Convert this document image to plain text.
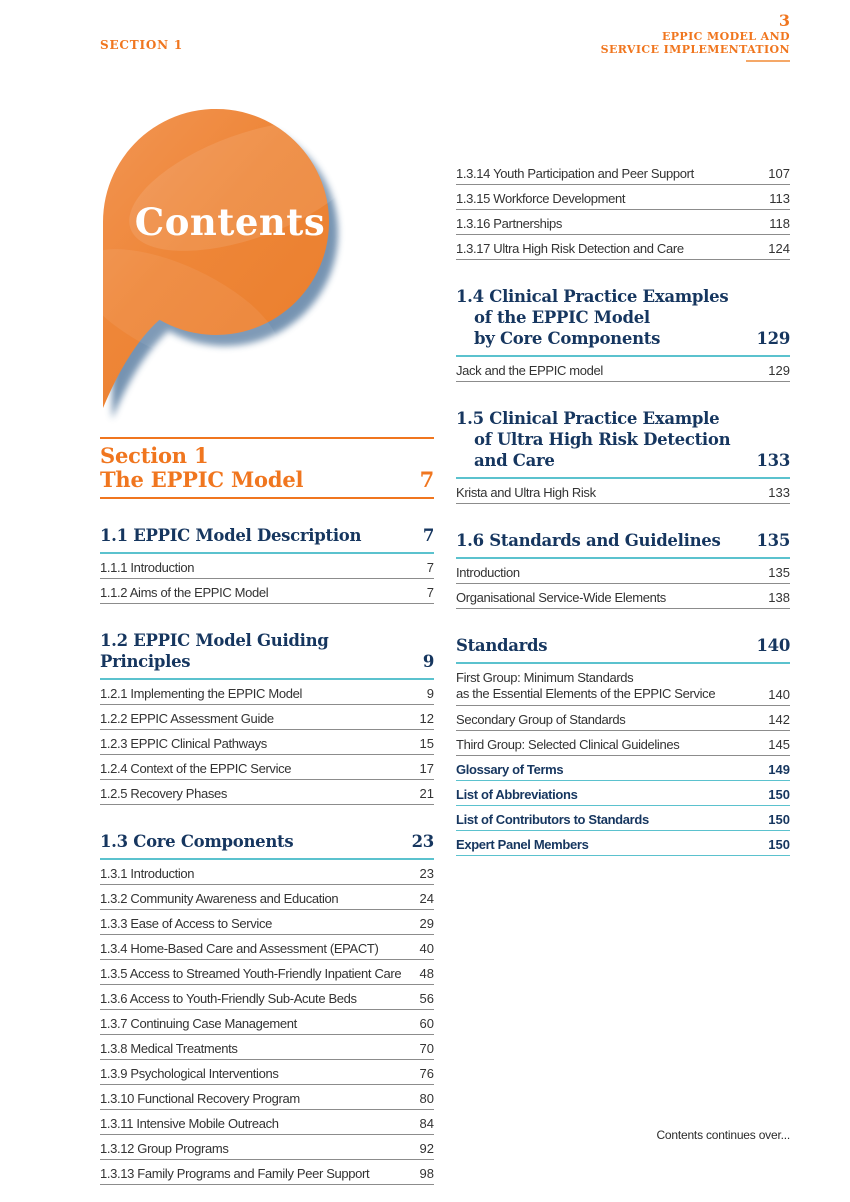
SECTION 1
3
EPPIC MODEL AND
SERVICE IMPLEMENTATION
Contents
Section 1
The EPPIC Model	7
1.1 EPPIC Model Description	7
1.1.1 Introduction	7
1.1.2 Aims of the EPPIC Model	7
1.2 EPPIC Model Guiding Principles	9
1.2.1 Implementing the EPPIC Model	9
1.2.2 EPPIC Assessment Guide	12
1.2.3 EPPIC Clinical Pathways	15
1.2.4 Context of the EPPIC Service	17
1.2.5 Recovery Phases	21
1.3 Core Components	23
1.3.1 Introduction	23
1.3.2 Community Awareness and Education	24
1.3.3 Ease of Access to Service	29
1.3.4 Home-Based Care and Assessment (EPACT)	40
1.3.5 Access to Streamed Youth-Friendly Inpatient Care	48
1.3.6 Access to Youth-Friendly Sub-Acute Beds	56
1.3.7 Continuing Case Management	60
1.3.8 Medical Treatments	70
1.3.9 Psychological Interventions	76
1.3.10 Functional Recovery Program	80
1.3.11 Intensive Mobile Outreach	84
1.3.12 Group Programs	92
1.3.13 Family Programs and Family Peer Support	98
1.3.14 Youth Participation and Peer Support	107
1.3.15 Workforce Development	113
1.3.16 Partnerships	118
1.3.17 Ultra High Risk Detection and Care	124
1.4 Clinical Practice Examples
of the EPPIC Model
by Core Components	129
Jack and the EPPIC model	129
1.5 Clinical Practice Example
of Ultra High Risk Detection
and Care	133
Krista and Ultra High Risk	133
1.6 Standards and Guidelines 135
Introduction	135
Organisational Service-Wide Elements	138
Standards	140
First Group: Minimum Standards
as the Essential Elements of the EPPIC Service	140
Secondary Group of Standards	142
Third Group: Selected Clinical Guidelines	145
Glossary of Terms	149
List of Abbreviations	150
List of Contributors to Standards	150
Expert Panel Members	150
Contents continues over...
